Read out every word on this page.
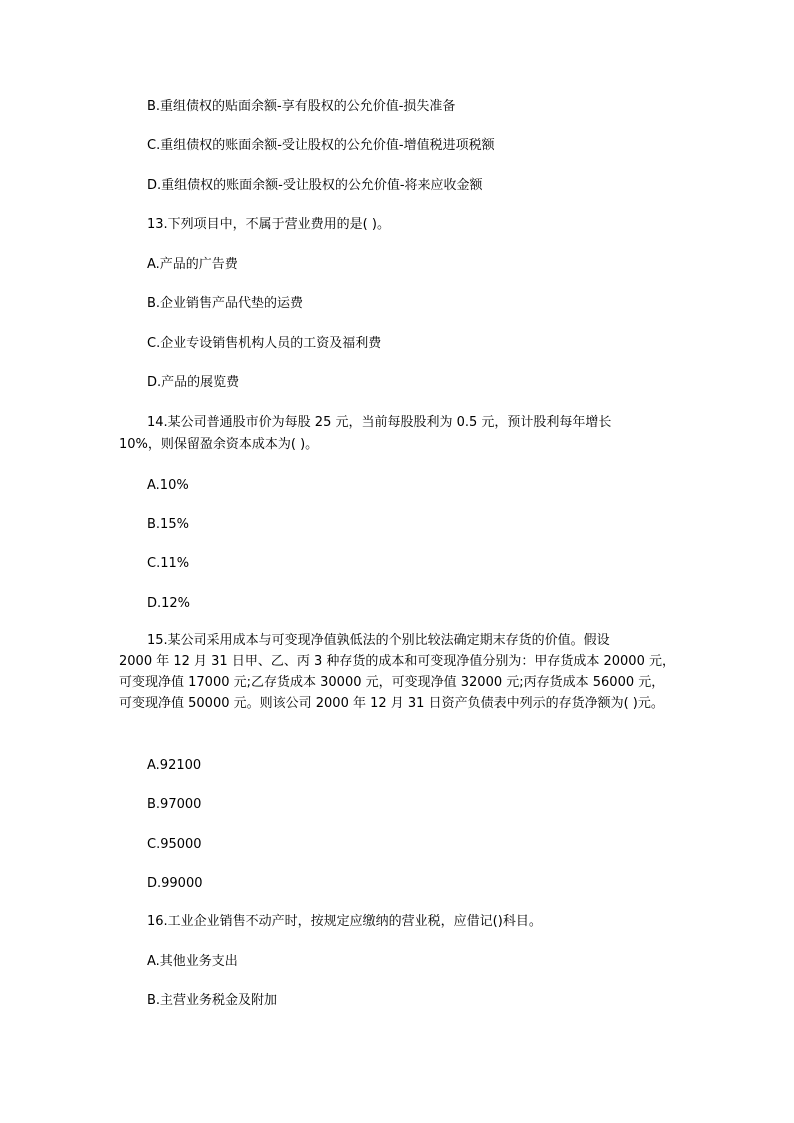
B.重组债权的贴面余额-享有股权的公允价值-损失准备
C.重组债权的账面余额-受让股权的公允价值-增值税进项税额
D.重组债权的账面余额-受让股权的公允价值-将来应收金额
13.下列项目中，不属于营业费用的是( )。
A.产品的广告费
B.企业销售产品代垫的运费
C.企业专设销售机构人员的工资及福利费
D.产品的展览费
14.某公司普通股市价为每股 25 元，当前每股股利为 0.5 元，预计股利每年增长
10%，则保留盈余资本成本为( )。
A.10%
B.15%
C.11%
D.12%
15.某公司采用成本与可变现净值孰低法的个别比较法确定期末存货的价值。假设
2000 年 12 月 31 日甲、乙、丙 3 种存货的成本和可变现净值分别为：甲存货成本 20000 元，
可变现净值 17000 元;乙存货成本 30000 元，可变现净值 32000 元;丙存货成本 56000 元，
可变现净值 50000 元。则该公司 2000 年 12 月 31 日资产负债表中列示的存货净额为( )元。
A.92100
B.97000
C.95000
D.99000
16.工业企业销售不动产时，按规定应缴纳的营业税，应借记()科目。
A.其他业务支出
B.主营业务税金及附加
